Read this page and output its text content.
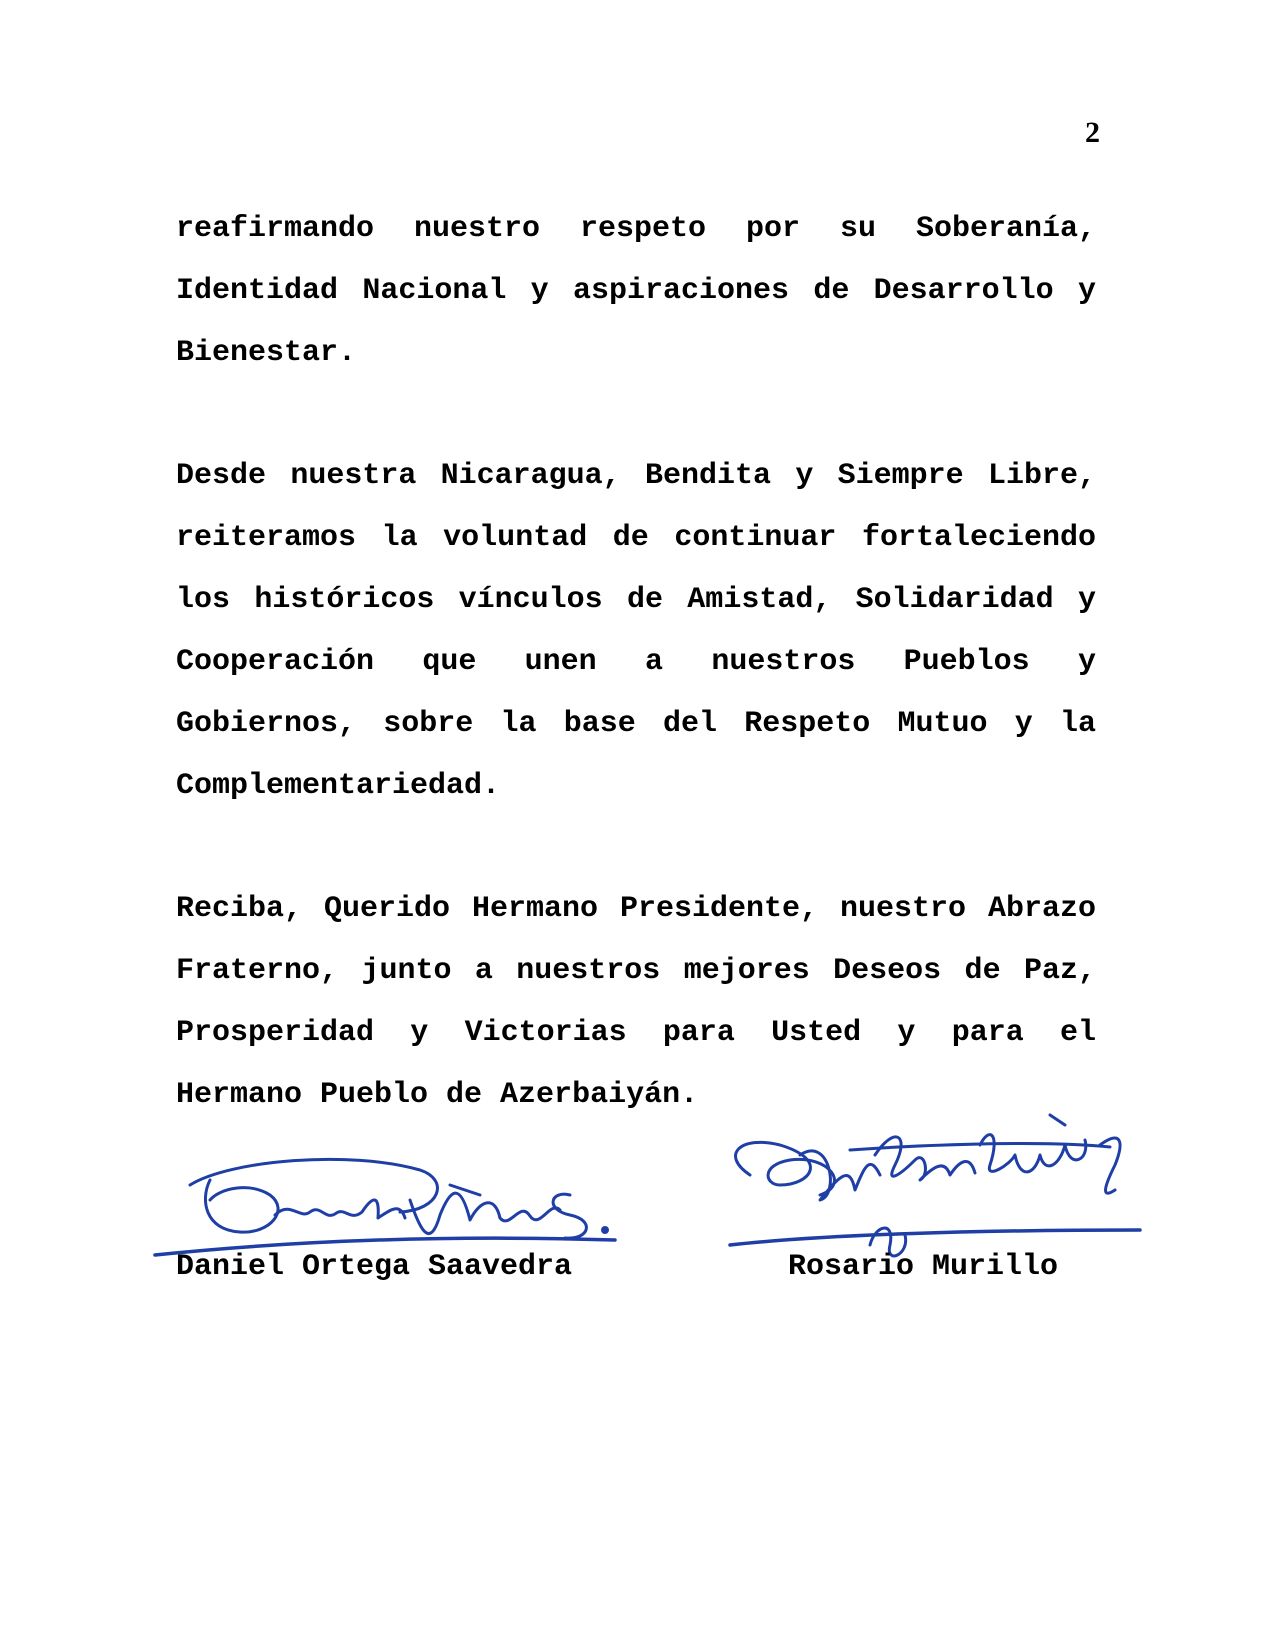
2

reafirmando nuestro respeto por su Soberanía, Identidad Nacional y aspiraciones de Desarrollo y Bienestar.

Desde nuestra Nicaragua, Bendita y Siempre Libre, reiteramos la voluntad de continuar fortaleciendo los históricos vínculos de Amistad, Solidaridad y Cooperación que unen a nuestros Pueblos y Gobiernos, sobre la base del Respeto Mutuo y la Complementariedad.

Reciba, Querido Hermano Presidente, nuestro Abrazo Fraterno, junto a nuestros mejores Deseos de Paz, Prosperidad y Victorias para Usted y para el Hermano Pueblo de Azerbaiyán.

Daniel Ortega Saavedra	Rosario Murillo
